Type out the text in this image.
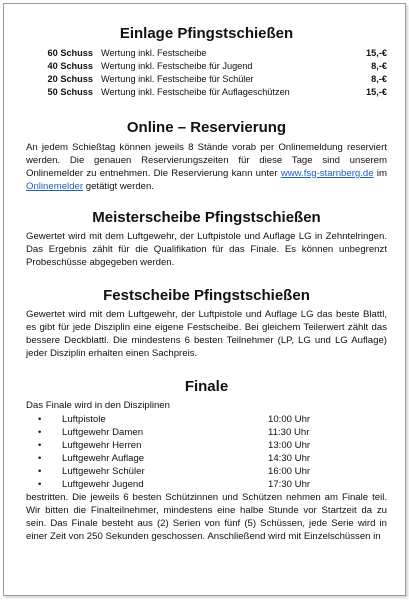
Einlage Pfingstschießen
60 Schuss Wertung inkl. Festscheibe	15,-€
40 Schuss Wertung inkl. Festscheibe für Jugend	8,-€
20 Schuss Wertung inkl. Festscheibe für Schüler	8,-€
50 Schuss Wertung inkl. Festscheibe für Auflageschützen	15,-€
Online – Reservierung

An jedem Schießtag können jeweils 8 Stände vorab per Onlinemeldung reserviert werden. Die genauen Reservierungszeiten für diese Tage sind unserem Onlinemelder zu entnehmen. Die Reservierung kann unter www.fsg-starnberg.de im Onlinemelder getätigt werden.

Meisterscheibe Pfingstschießen

Gewertet wird mit dem Luftgewehr, der Luftpistole und Auflage LG in Zehntelringen. Das Ergebnis zählt für die Qualifikation für das Finale. Es können unbegrenzt Probeschüsse abgegeben werden.

Festscheibe Pfingstschießen

Gewertet wird mit dem Luftgewehr, der Luftpistole und Auflage LG das beste Blattl, es gibt für jede Disziplin eine eigene Festscheibe. Bei gleichem Teilerwert zählt das bessere Deckblattl. Die mindestens 6 besten Teilnehmer (LP, LG und LG Auflage) jeder Disziplin erhalten einen Sachpreis.

Finale

Das Finale wird in den Disziplinen

•	Luftpistole	10:00 Uhr
•	Luftgewehr Damen	11:30 Uhr
•	Luftgewehr Herren	13:00 Uhr
•	Luftgewehr Auflage	14:30 Uhr
•	Luftgewehr Schüler	16:00 Uhr
•	Luftgewehr Jugend	17:30 Uhr

bestritten. Die jeweils 6 besten Schützinnen und Schützen nehmen am Finale teil. Wir bitten die Finalteilnehmer, mindestens eine halbe Stunde vor Startzeit da zu sein. Das Finale besteht aus (2) Serien von fünf (5) Schüssen, jede Serie wird in einer Zeit von 250 Sekunden geschossen. Anschließend wird mit Einzelschüssen in
